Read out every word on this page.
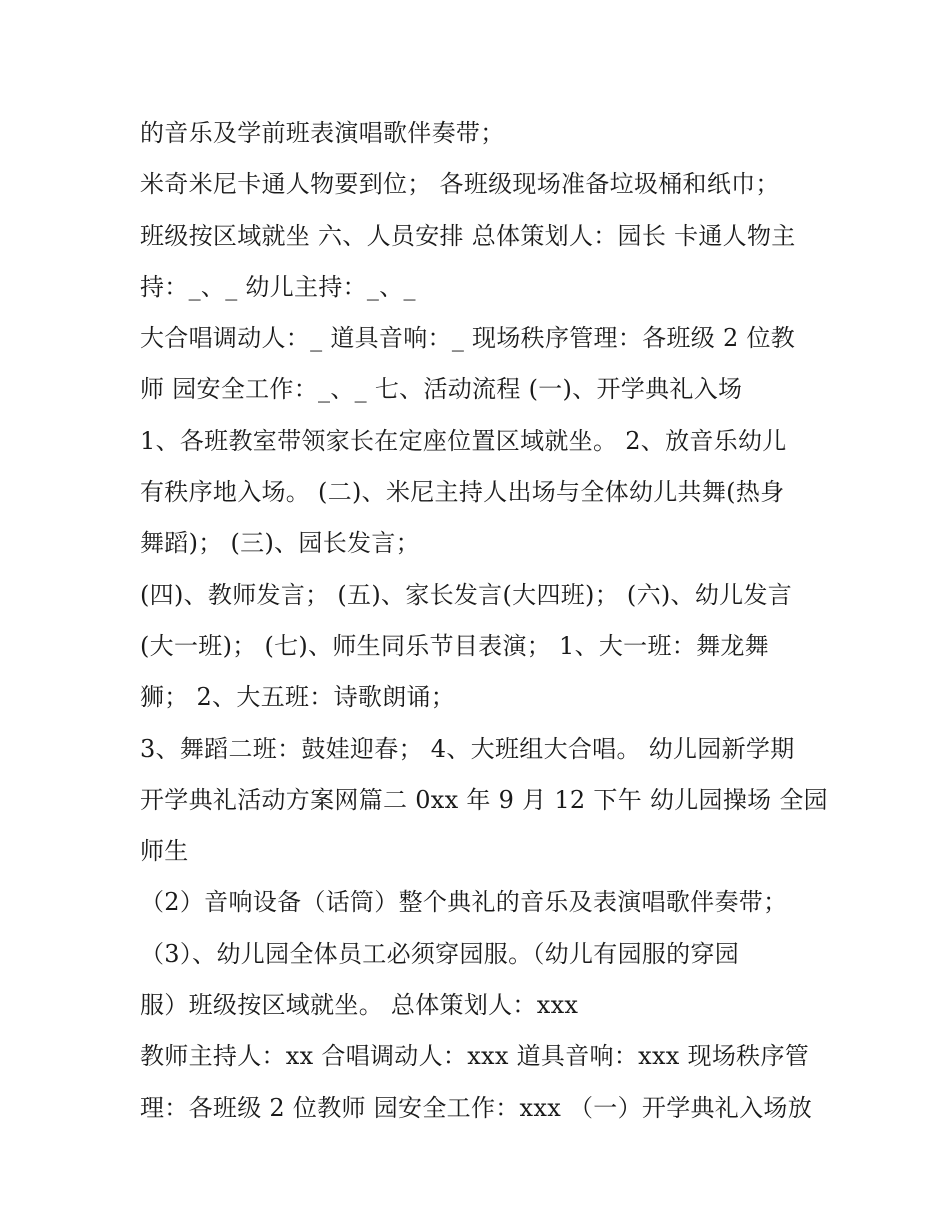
的音乐及学前班表演唱歌伴奏带；
米奇米尼卡通人物要到位； 各班级现场准备垃圾桶和纸巾；
班级按区域就坐 六、人员安排 总体策划人：园长 卡通人物主
持：_、_ 幼儿主持：_、_
大合唱调动人：_ 道具音响：_ 现场秩序管理：各班级 2 位教
师 园安全工作：_、_ 七、活动流程 (一)、开学典礼入场
1、各班教室带领家长在定座位置区域就坐。 2、放音乐幼儿
有秩序地入场。 (二)、米尼主持人出场与全体幼儿共舞(热身
舞蹈)； (三)、园长发言；
(四)、教师发言； (五)、家长发言(大四班)； (六)、幼儿发言
(大一班)； (七)、师生同乐节目表演； 1、大一班：舞龙舞
狮； 2、大五班：诗歌朗诵；
3、舞蹈二班：鼓娃迎春； 4、大班组大合唱。 幼儿园新学期
开学典礼活动方案网篇二 0xx 年 9 月 12 下午 幼儿园操场 全园
师生
（2）音响设备（话筒）整个典礼的音乐及表演唱歌伴奏带；
（3）、幼儿园全体员工必须穿园服。（幼儿有园服的穿园
服）班级按区域就坐。 总体策划人：xxx
教师主持人：xx 合唱调动人：xxx 道具音响：xxx 现场秩序管
理：各班级 2 位教师 园安全工作：xxx （一）开学典礼入场放
